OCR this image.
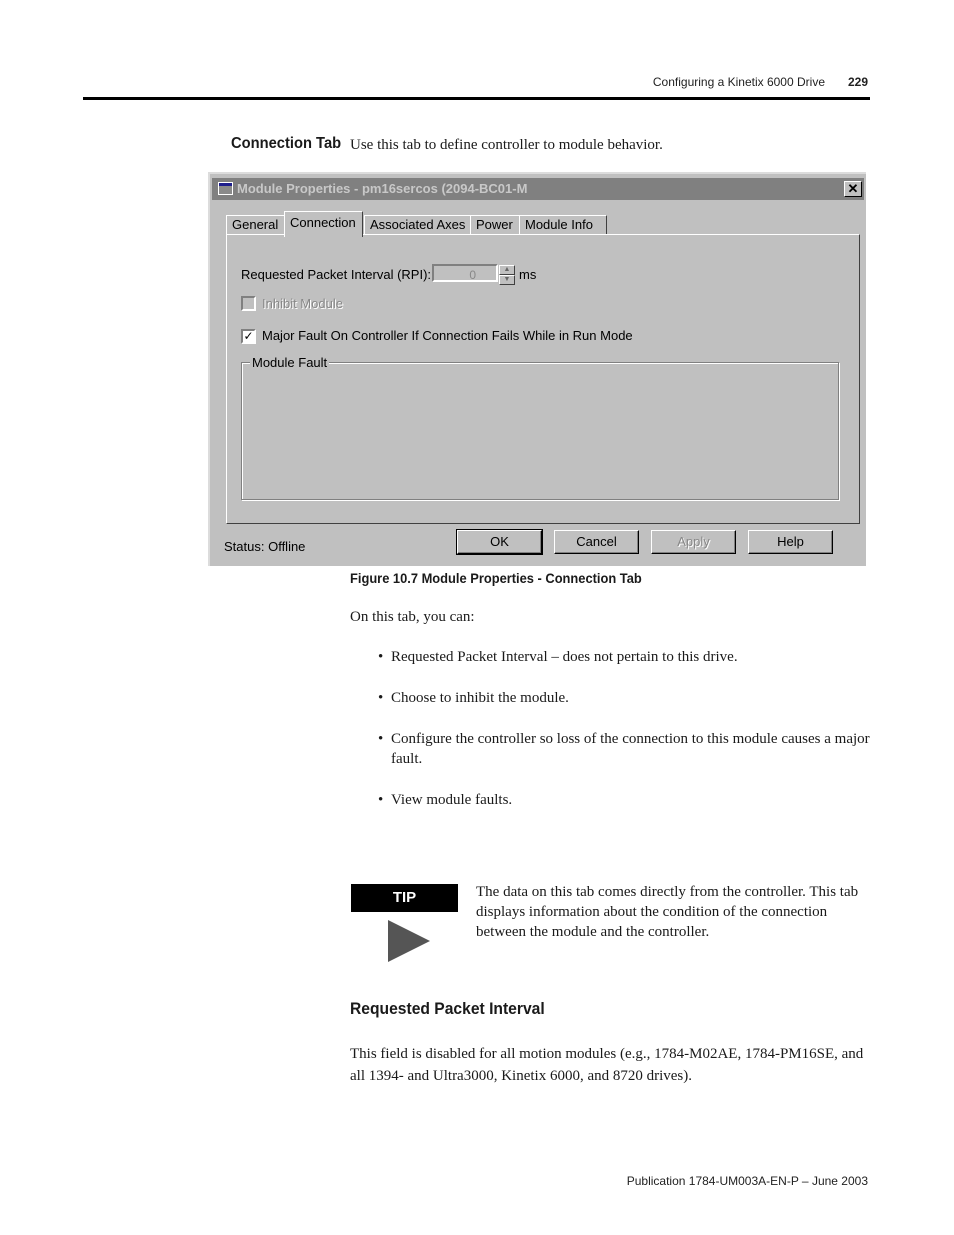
Configuring a Kinetix 6000 Drive 229
Connection Tab Use this tab to define controller to module behavior.
Module Properties - pm16sercos (2094-BC01-M	✕
General Connection	Associated Axes Power Module Info
Requested Packet Interval (RPI):	0	▲
▼ ms
Inhibit Module
✓ Major Fault On Controller If Connection Fails While in Run Mode
Module Fault
Status: Offline	OK	Cancel	Apply	Help
Figure 10.7 Module Properties - Connection Tab
On this tab, you can:
• Requested Packet Interval – does not pertain to this drive.
• Choose to inhibit the module.
• Configure the controller so loss of the connection to this module causes a major fault.
• View module faults.
TIP	The data on this tab comes directly from the controller. This tab displays information about the condition of the connection between the module and the controller.
Requested Packet Interval
This field is disabled for all motion modules (e.g., 1784-M02AE, 1784-PM16SE, and all 1394- and Ultra3000, Kinetix 6000, and 8720 drives).
Publication 1784-UM003A-EN-P – June 2003
